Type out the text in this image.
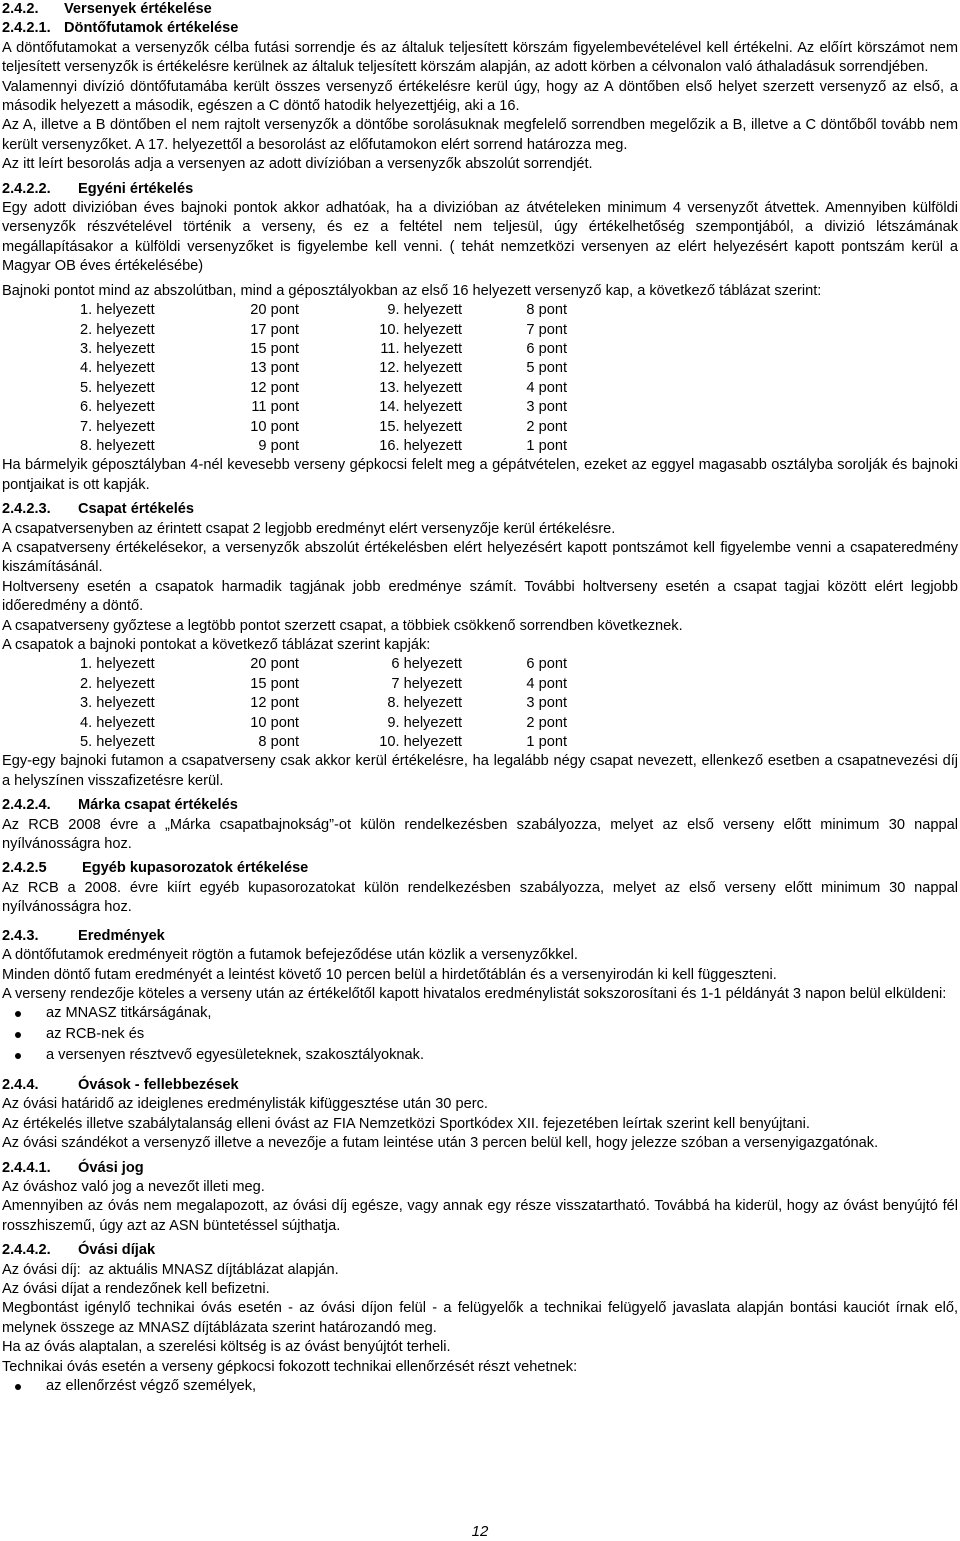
2.4.2. Versenyek értékelése
2.4.2.1. Döntőfutamok értékelése
A döntőfutamokat a versenyzők célba futási sorrendje és az általuk teljesített körszám figyelembevételével kell értékelni. Az előírt körszámot nem teljesített versenyzők is értékelésre kerülnek az általuk teljesített körszám alapján, az adott körben a célvonalon való áthaladásuk sorrendjében.
Valamennyi divízió döntőfutamába került összes versenyző értékelésre kerül úgy, hogy az A döntőben első helyet szerzett versenyző az első, a második helyezett a második, egészen a C döntő hatodik helyezettjéig, aki a 16.
Az A, illetve a B döntőben el nem rajtolt versenyzők a döntőbe sorolásuknak megfelelő sorrendben megelőzik a B, illetve a C döntőből tovább nem került versenyzőket. A 17. helyezettől a besorolást az előfutamokon elért sorrend határozza meg.
Az itt leírt besorolás adja a versenyen az adott divízióban a versenyzők abszolút sorrendjét.
2.4.2.2. Egyéni értékelés
Egy adott divizióban éves bajnoki pontok akkor adhatóak, ha a divizióban az átvételeken minimum 4 versenyzőt átvettek. Amennyiben külföldi versenyzők részvételével történik a verseny, és ez a feltétel nem teljesül, úgy értékelhetőség szempontjából, a divizió létszámának megállapításakor a külföldi versenyzőket is figyelembe kell venni. ( tehát nemzetközi versenyen az elért helyezésért kapott pontszám kerül a Magyar OB éves értékelésébe)
Bajnoki pontot mind az abszolútban, mind a géposztályokban az első 16 helyezett versenyző kap, a következő táblázat szerint:
1. helyezett	20 pont	9. helyezett	8 pont
2. helyezett	17 pont	10. helyezett	7 pont
3. helyezett	15 pont	11. helyezett	6 pont
4. helyezett	13 pont	12. helyezett	5 pont
5. helyezett	12 pont	13. helyezett	4 pont
6. helyezett	11 pont	14. helyezett	3 pont
7. helyezett	10 pont	15. helyezett	2 pont
8. helyezett	9 pont	16. helyezett	1 pont
Ha bármelyik géposztályban 4-nél kevesebb verseny gépkocsi felelt meg a gépátvételen, ezeket az eggyel magasabb osztályba sorolják és bajnoki pontjaikat is ott kapják.
2.4.2.3. Csapat értékelés
A csapatversenyben az érintett csapat 2 legjobb eredményt elért versenyzője kerül értékelésre.
A csapatverseny értékelésekor, a versenyzők abszolút értékelésben elért helyezésért kapott pontszámot kell figyelembe venni a csapateredmény kiszámításánál.
Holtverseny esetén a csapatok harmadik tagjának jobb eredménye számít. További holtverseny esetén a csapat tagjai között elért legjobb időeredmény a döntő.
A csapatverseny győztese a legtöbb pontot szerzett csapat, a többiek csökkenő sorrendben következnek.
A csapatok a bajnoki pontokat a következő táblázat szerint kapják:
1. helyezett	20 pont	6 helyezett	6 pont
2. helyezett	15 pont	7 helyezett	4 pont
3. helyezett	12 pont	8. helyezett	3 pont
4. helyezett	10 pont	9. helyezett	2 pont
5. helyezett	8 pont	10. helyezett	1 pont
Egy-egy bajnoki futamon a csapatverseny csak akkor kerül értékelésre, ha legalább négy csapat nevezett, ellenkező esetben a csapatnevezési díj a helyszínen visszafizetésre kerül.
2.4.2.4. Márka csapat értékelés
Az RCB 2008 évre a „Márka csapatbajnokság”-ot külön rendelkezésben szabályozza, melyet az első verseny előtt minimum 30 nappal nyílvánosságra hoz.
2.4.2.5 Egyéb kupasorozatok értékelése
Az RCB a 2008. évre kiírt egyéb kupasorozatokat külön rendelkezésben szabályozza, melyet az első verseny előtt minimum 30 nappal nyílvánosságra hoz.
2.4.3.	Eredmények
A döntőfutamok eredményeit rögtön a futamok befejeződése után közlik a versenyzőkkel.
Minden döntő futam eredményét a leintést követő 10 percen belül a hirdetőtáblán és a versenyirodán ki kell függeszteni.
A verseny rendezője köteles a verseny után az értékelőtől kapott hivatalos eredménylistát sokszorosítani és 1-1 példányát 3 napon belül elküldeni:
az MNASZ titkárságának,
az RCB-nek és
a versenyen résztvevő egyesületeknek, szakosztályoknak.
2.4.4.	Óvások - fellebbezések
Az óvási határidő az ideiglenes eredménylisták kifüggesztése után 30 perc.
Az értékelés illetve szabálytalanság elleni óvást az FIA Nemzetközi Sportkódex XII. fejezetében leírtak szerint kell benyújtani.
Az óvási szándékot a versenyző illetve a nevezője a futam leintése után 3 percen belül kell, hogy jelezze szóban a versenyigazgatónak.
2.4.4.1. Óvási jog
Az óváshoz való jog a nevezőt illeti meg.
Amennyiben az óvás nem megalapozott, az óvási díj egésze, vagy annak egy része visszatartható. Továbbá ha kiderül, hogy az óvást benyújtó fél rosszhiszemű, úgy azt az ASN büntetéssel sújthatja.
2.4.4.2. Óvási díjak
Az óvási díj:  az aktuális MNASZ díjtáblázat alapján.
Az óvási díjat a rendezőnek kell befizetni.
Megbontást igénylő technikai óvás esetén - az óvási díjon felül - a felügyelők a technikai felügyelő javaslata alapján bontási kauciót írnak elő, melynek összege az MNASZ díjtáblázata szerint határozandó meg.
Ha az óvás alaptalan, a szerelési költség is az óvást benyújtót terheli.
Technikai óvás esetén a verseny gépkocsi fokozott technikai ellenőrzését részt vehetnek:
az ellenőrzést végző személyek,
12
